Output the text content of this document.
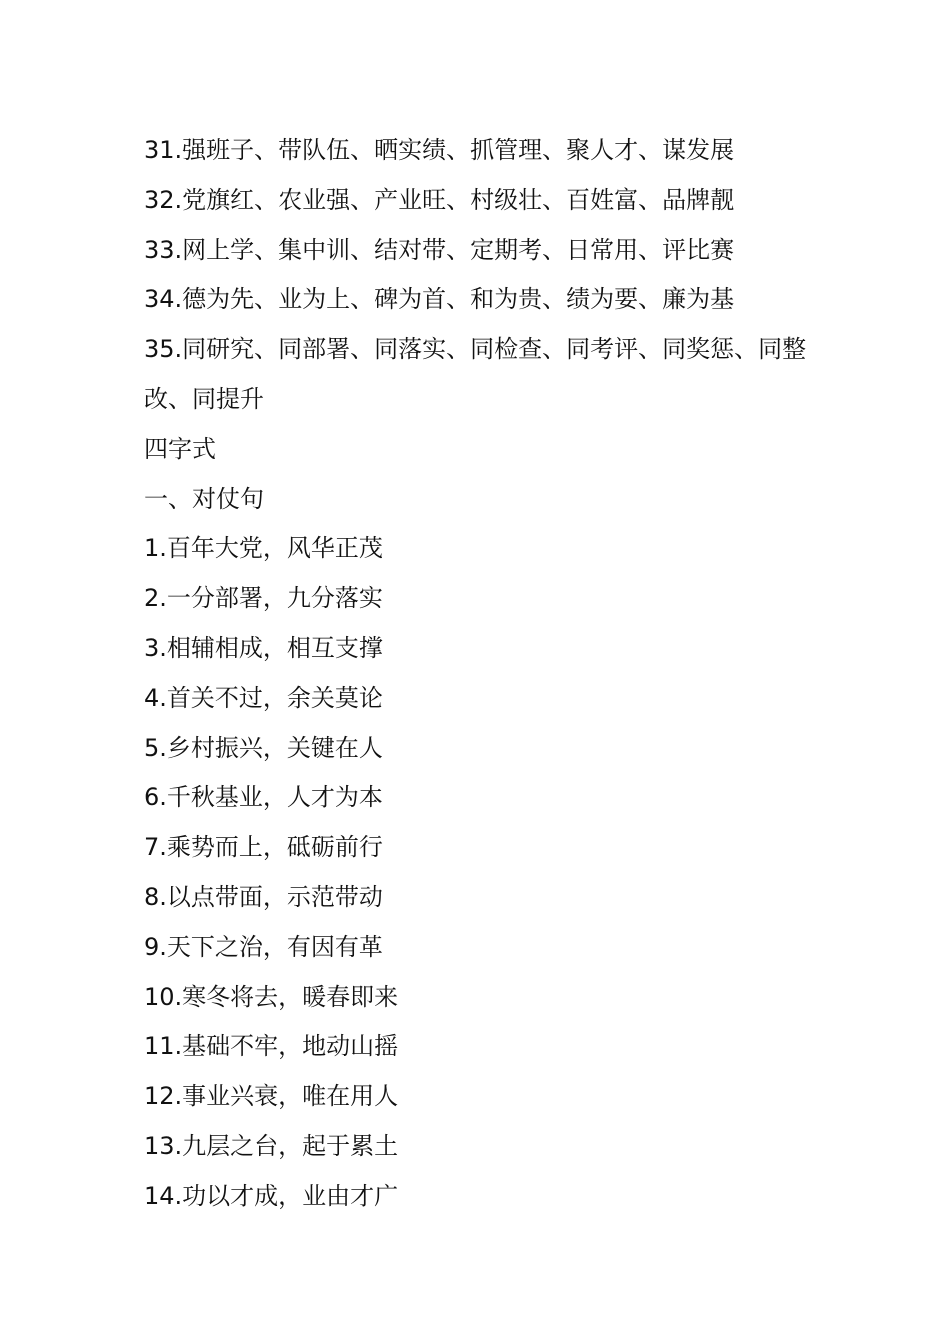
31.强班子、带队伍、晒实绩、抓管理、聚人才、谋发展
32.党旗红、农业强、产业旺、村级壮、百姓富、品牌靓
33.网上学、集中训、结对带、定期考、日常用、评比赛
34.德为先、业为上、碑为首、和为贵、绩为要、廉为基
35.同研究、同部署、同落实、同检查、同考评、同奖惩、同整
改、同提升
四字式
一、对仗句
1.百年大党，风华正茂
2.一分部署，九分落实
3.相辅相成，相互支撑
4.首关不过，余关莫论
5.乡村振兴，关键在人
6.千秋基业，人才为本
7.乘势而上，砥砺前行
8.以点带面，示范带动
9.天下之治，有因有革
10.寒冬将去，暖春即来
11.基础不牢，地动山摇
12.事业兴衰，唯在用人
13.九层之台，起于累土
14.功以才成，业由才广
